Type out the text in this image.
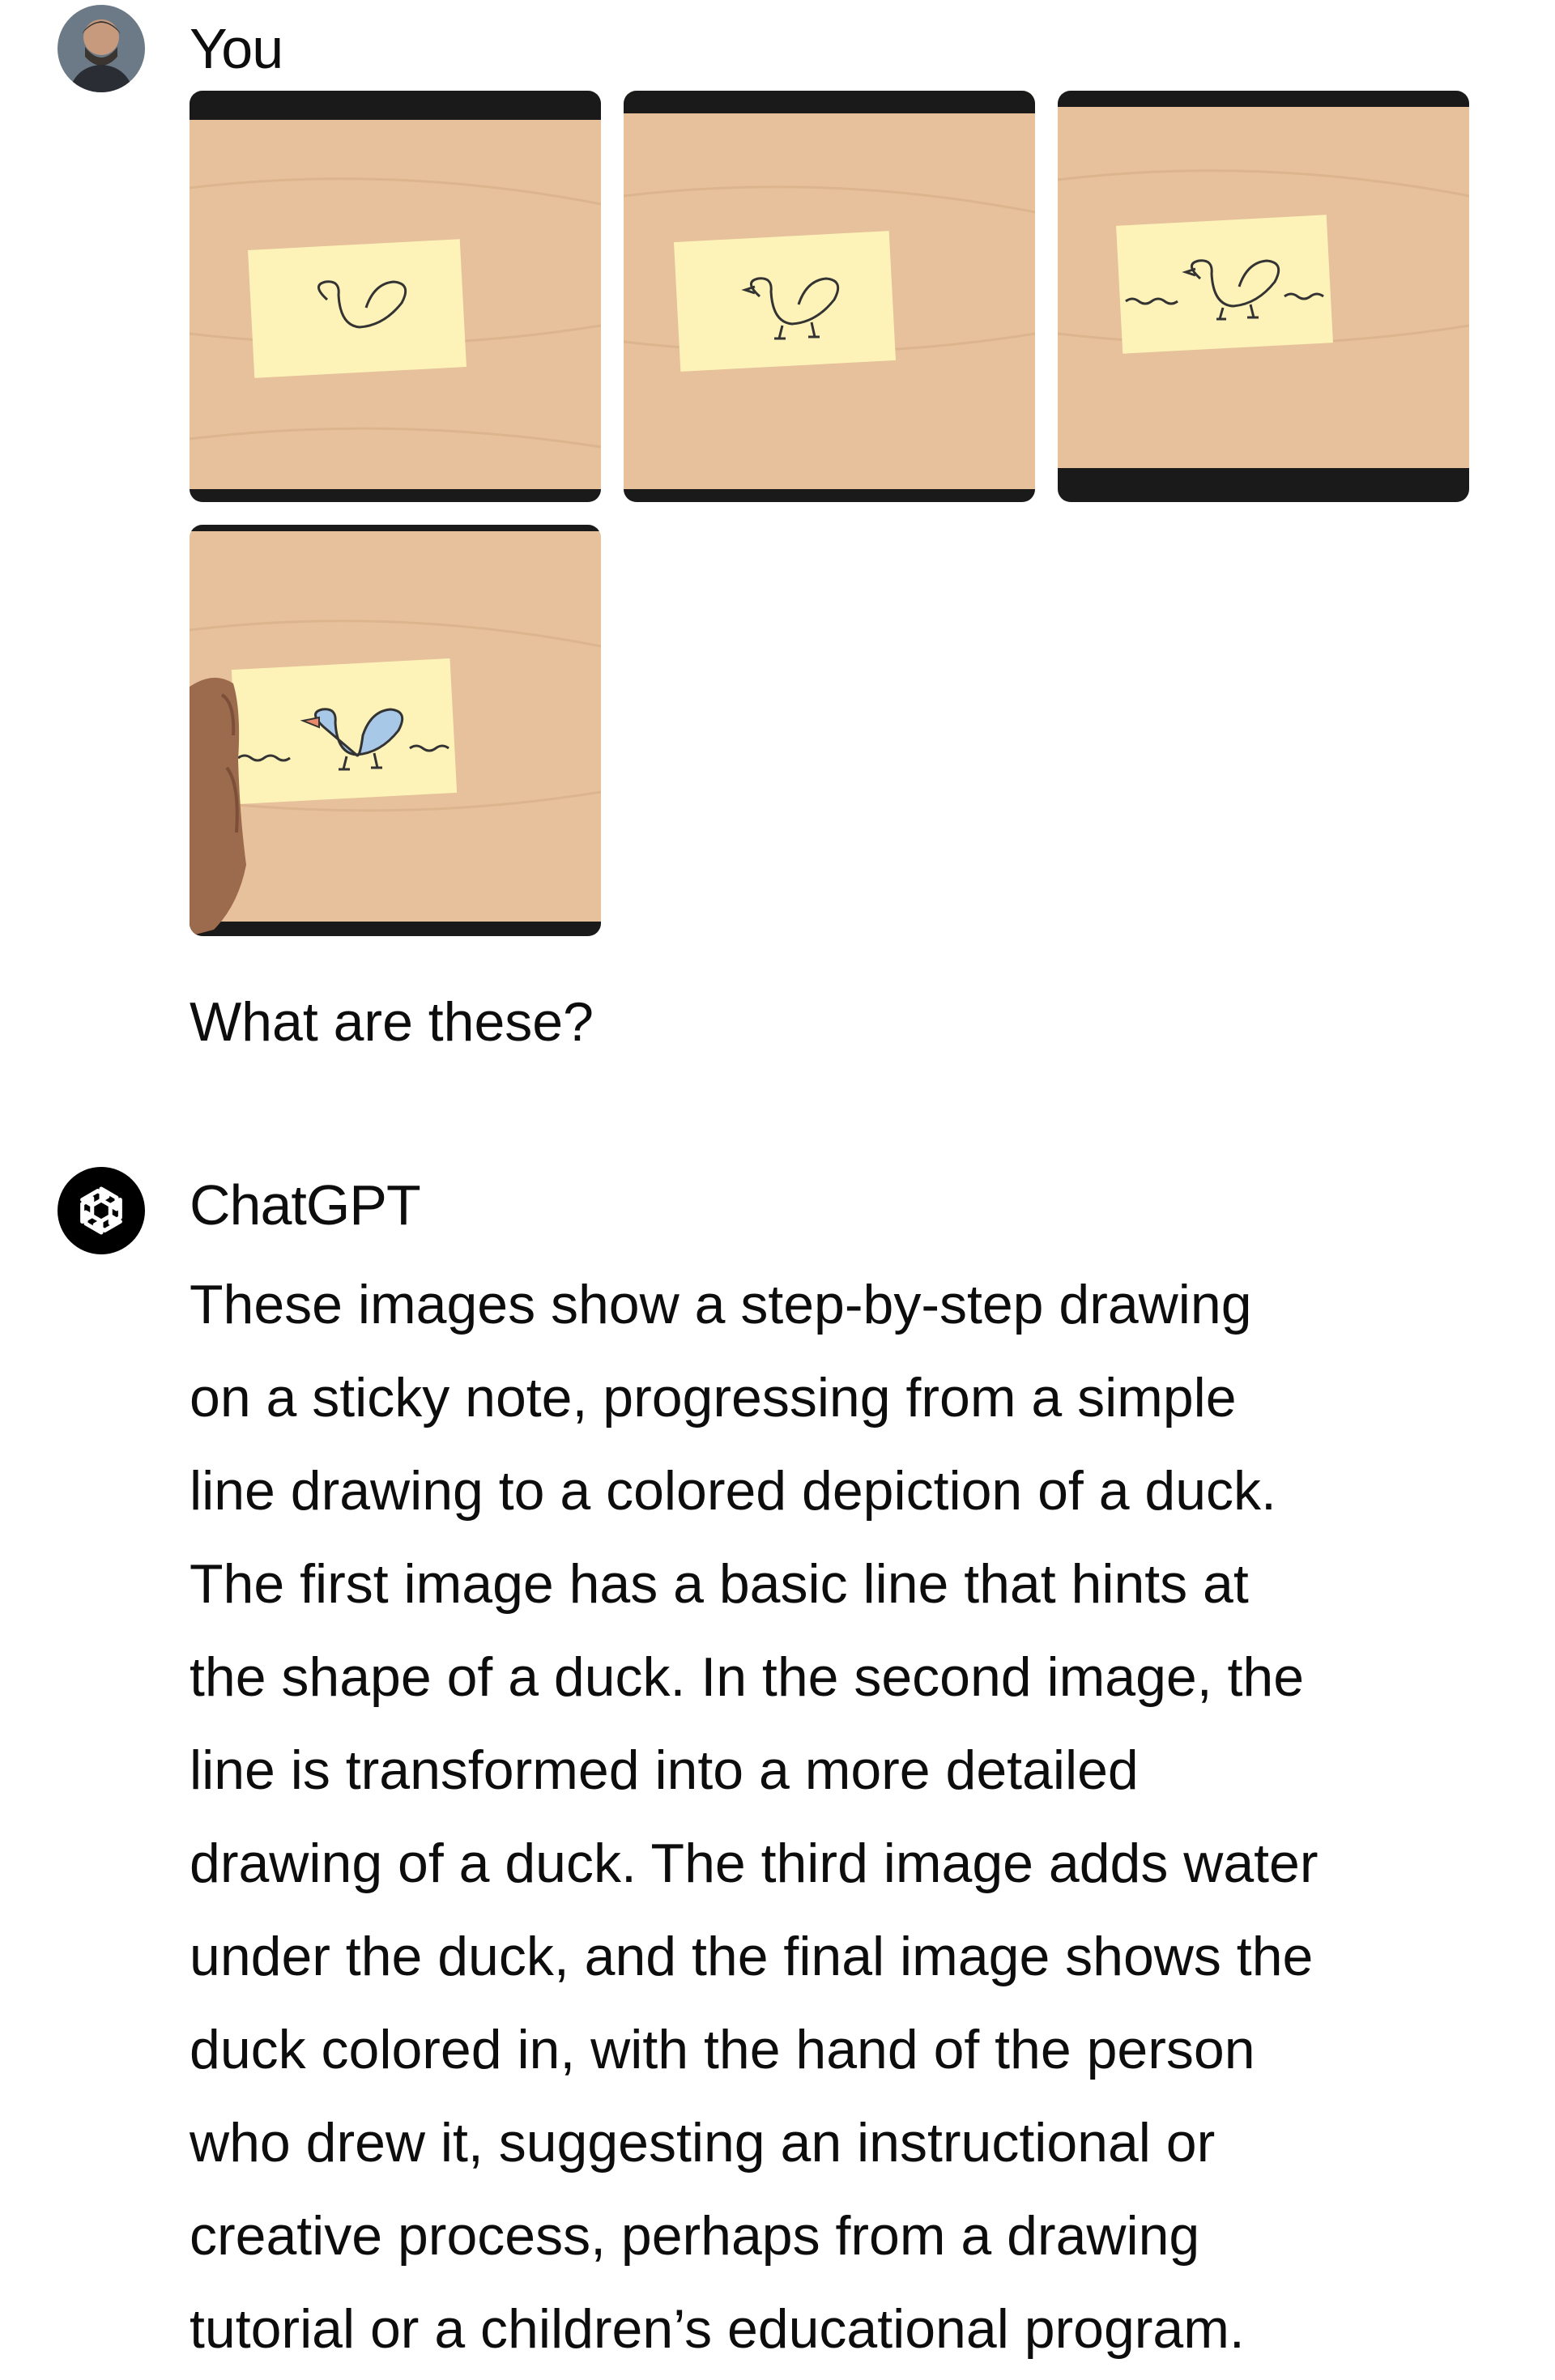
You
What are these?
ChatGPT

These images show a step-by-step drawing
on a sticky note, progressing from a simple
line drawing to a colored depiction of a duck.
The first image has a basic line that hints at
the shape of a duck. In the second image, the
line is transformed into a more detailed
drawing of a duck. The third image adds water
under the duck, and the final image shows the
duck colored in, with the hand of the person
who drew it, suggesting an instructional or
creative process, perhaps from a drawing
tutorial or a children’s educational program.
